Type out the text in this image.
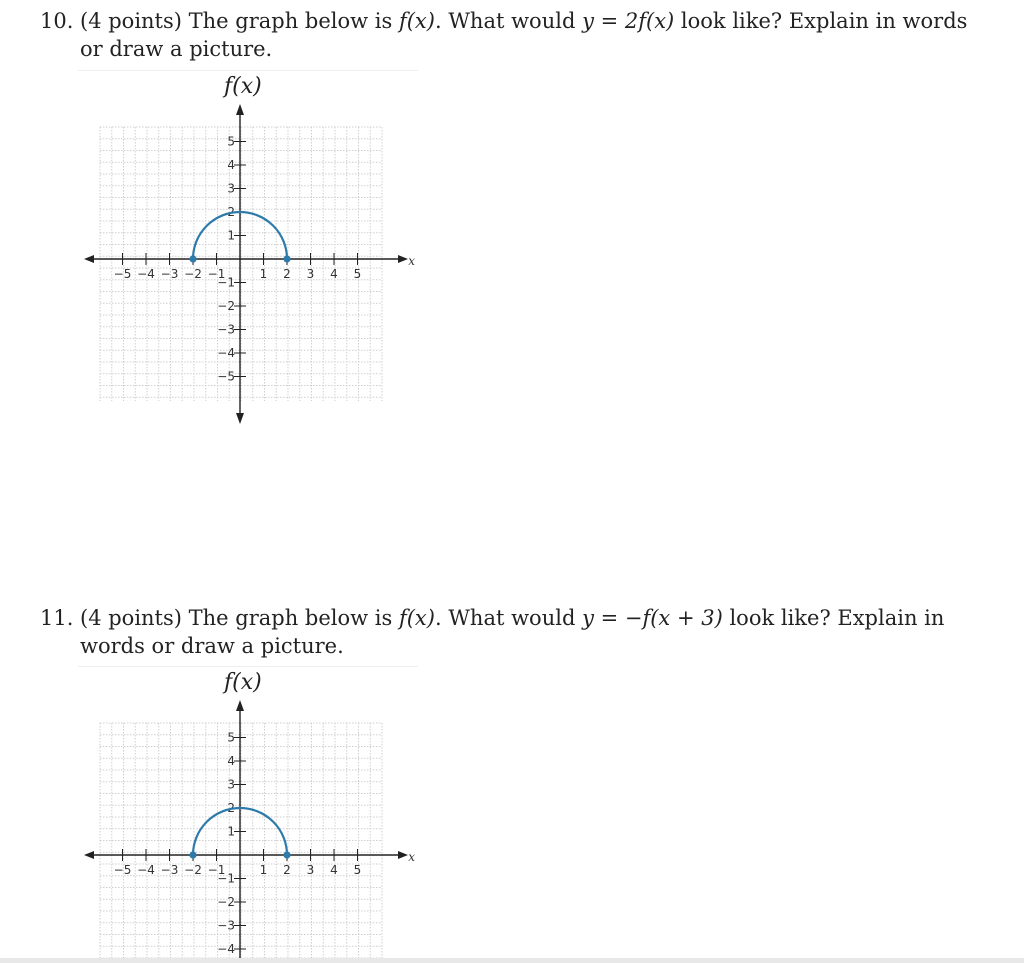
10. (4 points) The graph below is f(x). What would y = 2f(x) look like? Explain in words
or draw a picture.
f(x)
x
−5 −4 −3 −2 −1	1 2 3 4 5
5
4
3
2
1
−1
−2
−3
−4
−5
11. (4 points) The graph below is f(x). What would y = −f(x + 3) look like? Explain in
words or draw a picture.
f(x)
x
−5 −4 −3 −2 −1	1 2 3 4 5
5
4
3
2
1
−1
−2
−3
−4
